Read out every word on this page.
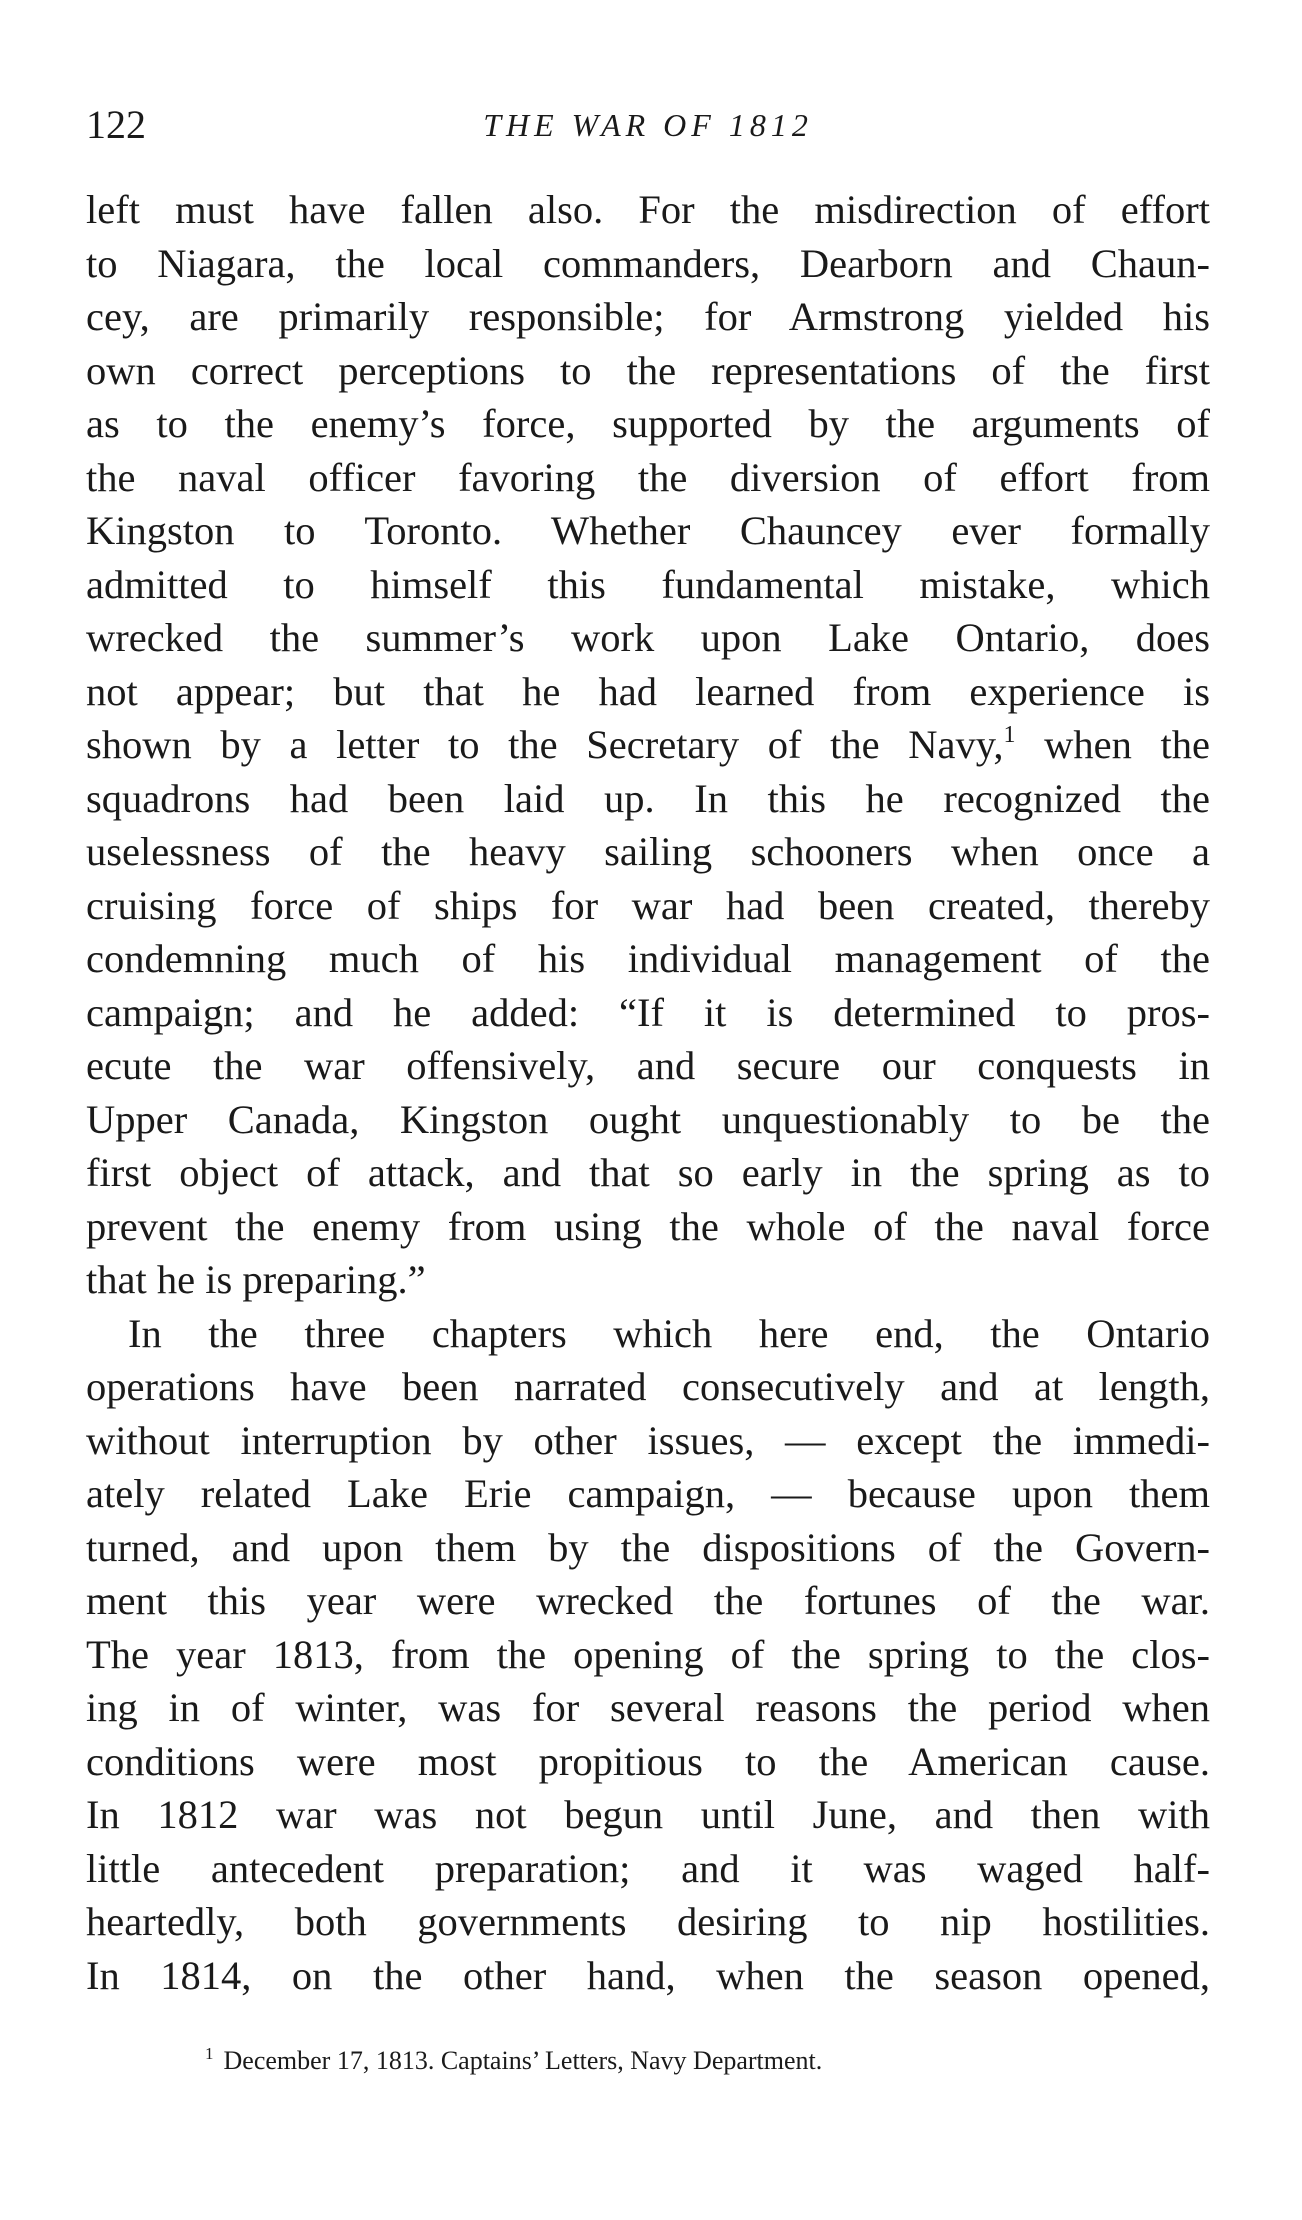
122	THE WAR OF 1812
left must have fallen also. For the misdirection of effort
to Niagara, the local commanders, Dearborn and Chaun-
cey, are primarily responsible; for Armstrong yielded his
own correct perceptions to the representations of the first
as to the enemy’s force, supported by the arguments of
the naval officer favoring the diversion of effort from
Kingston to Toronto. Whether Chauncey ever formally
admitted to himself this fundamental mistake, which
wrecked the summer’s work upon Lake Ontario, does
not appear; but that he had learned from experience is
shown by a letter to the Secretary of the Navy,$^1$ when the
squadrons had been laid up. In this he recognized the
uselessness of the heavy sailing schooners when once a
cruising force of ships for war had been created, thereby
condemning much of his individual management of the
campaign; and he added: “If it is determined to pros-
ecute the war offensively, and secure our conquests in
Upper Canada, Kingston ought unquestionably to be the
first object of attack, and that so early in the spring as to
prevent the enemy from using the whole of the naval force
that he is preparing.”
In the three chapters which here end, the Ontario
operations have been narrated consecutively and at length,
without interruption by other issues, — except the immedi-
ately related Lake Erie campaign, — because upon them
turned, and upon them by the dispositions of the Govern-
ment this year were wrecked the fortunes of the war.
The year 1813, from the opening of the spring to the clos-
ing in of winter, was for several reasons the period when
conditions were most propitious to the American cause.
In 1812 war was not begun until June, and then with
little antecedent preparation; and it was waged half-
heartedly, both governments desiring to nip hostilities.
In 1814, on the other hand, when the season opened,
$^1$ December 17, 1813. Captains’ Letters, Navy Department.
